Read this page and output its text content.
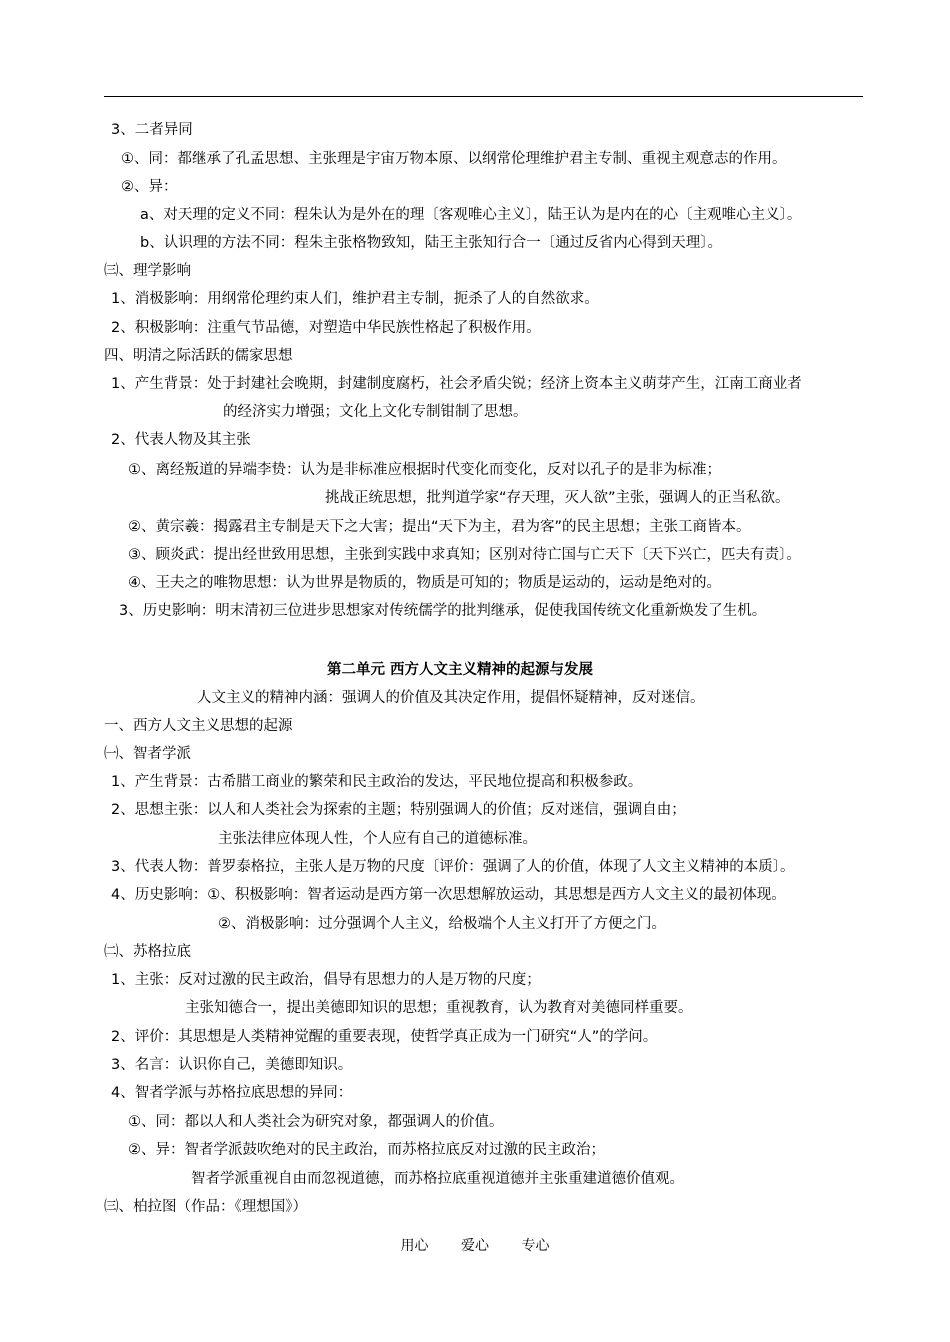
3、二者异同
①、同：都继承了孔孟思想、主张理是宇宙万物本原、以纲常伦理维护君主专制、重视主观意志的作用。
②、异：
a、对天理的定义不同：程朱认为是外在的理〔客观唯心主义〕，陆王认为是内在的心〔主观唯心主义〕。
b、认识理的方法不同：程朱主张格物致知，陆王主张知行合一〔通过反省内心得到天理〕。
㈢、理学影响
1、消极影响：用纲常伦理约束人们，维护君主专制，扼杀了人的自然欲求。
2、积极影响：注重气节品德，对塑造中华民族性格起了积极作用。
四、明清之际活跃的儒家思想
1、产生背景：处于封建社会晚期，封建制度腐朽，社会矛盾尖锐；经济上资本主义萌芽产生，江南工商业者
的经济实力增强；文化上文化专制钳制了思想。
2、代表人物及其主张
①、离经叛道的异端李贽：认为是非标准应根据时代变化而变化，反对以孔子的是非为标准；
挑战正统思想，批判道学家“存天理，灭人欲”主张，强调人的正当私欲。
②、黄宗羲：揭露君主专制是天下之大害；提出“天下为主，君为客”的民主思想；主张工商皆本。
③、顾炎武：提出经世致用思想，主张到实践中求真知；区别对待亡国与亡天下〔天下兴亡，匹夫有责〕。
④、王夫之的唯物思想：认为世界是物质的，物质是可知的；物质是运动的，运动是绝对的。
3、历史影响：明末清初三位进步思想家对传统儒学的批判继承，促使我国传统文化重新焕发了生机。
第二单元 西方人文主义精神的起源与发展
人文主义的精神内涵：强调人的价值及其决定作用，提倡怀疑精神，反对迷信。
一、西方人文主义思想的起源
㈠、智者学派
1、产生背景：古希腊工商业的繁荣和民主政治的发达，平民地位提高和积极参政。
2、思想主张：以人和人类社会为探索的主题；特别强调人的价值；反对迷信，强调自由；
主张法律应体现人性，个人应有自己的道德标准。
3、代表人物：普罗泰格拉，主张人是万物的尺度〔评价：强调了人的价值，体现了人文主义精神的本质〕。
4、历史影响：①、积极影响：智者运动是西方第一次思想解放运动，其思想是西方人文主义的最初体现。
②、消极影响：过分强调个人主义，给极端个人主义打开了方便之门。
㈡、苏格拉底
1、主张：反对过激的民主政治，倡导有思想力的人是万物的尺度；
主张知德合一，提出美德即知识的思想；重视教育，认为教育对美德同样重要。
2、评价：其思想是人类精神觉醒的重要表现，使哲学真正成为一门研究“人”的学问。
3、名言：认识你自己，美德即知识。
4、智者学派与苏格拉底思想的异同：
①、同：都以人和人类社会为研究对象，都强调人的价值。
②、异：智者学派鼓吹绝对的民主政治，而苏格拉底反对过激的民主政治；
智者学派重视自由而忽视道德，而苏格拉底重视道德并主张重建道德价值观。
㈢、柏拉图（作品：《理想国》）
用心 爱心 专心
